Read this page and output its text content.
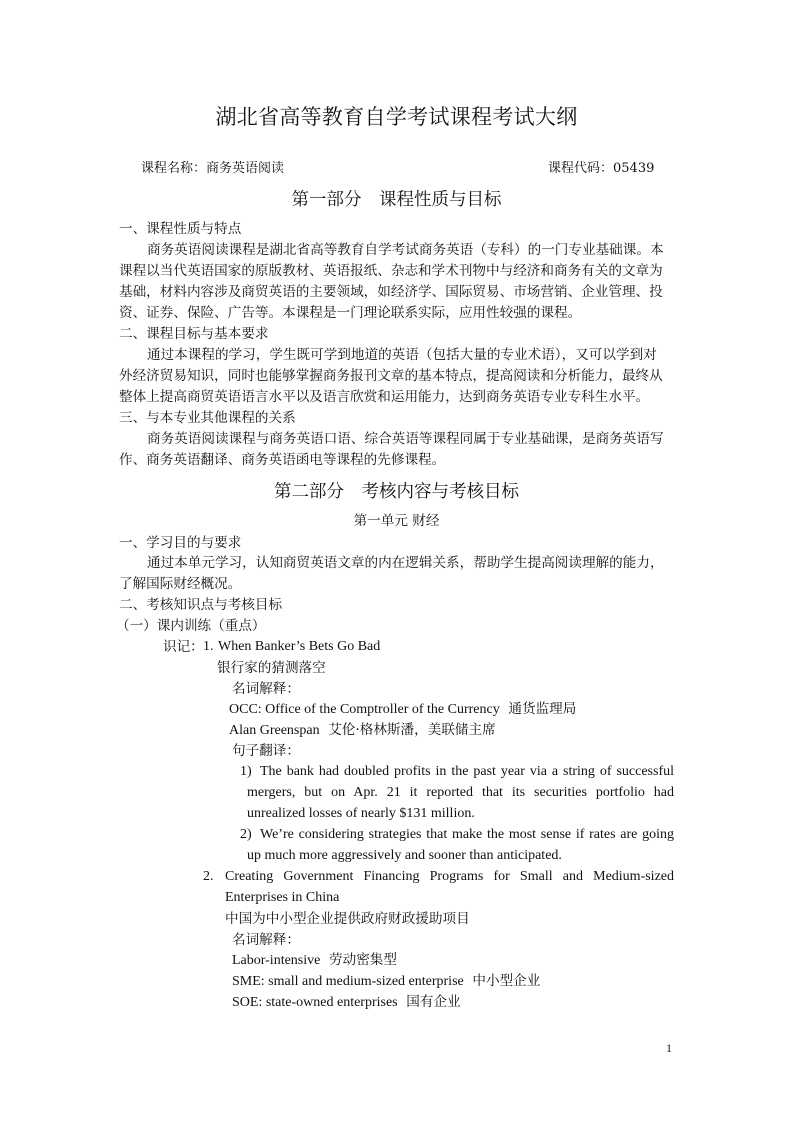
湖北省高等教育自学考试课程考试大纲
课程名称：商务英语阅读	课程代码：05439
第一部分　课程性质与目标
一、课程性质与特点
商务英语阅读课程是湖北省高等教育自学考试商务英语（专科）的一门专业基础课。本
课程以当代英语国家的原版教材、英语报纸、杂志和学术刊物中与经济和商务有关的文章为
基础，材料内容涉及商贸英语的主要领域，如经济学、国际贸易、市场营销、企业管理、投
资、证券、保险、广告等。本课程是一门理论联系实际，应用性较强的课程。
二、课程目标与基本要求
通过本课程的学习，学生既可学到地道的英语（包括大量的专业术语），又可以学到对
外经济贸易知识，同时也能够掌握商务报刊文章的基本特点，提高阅读和分析能力，最终从
整体上提高商贸英语语言水平以及语言欣赏和运用能力，达到商务英语专业专科生水平。
三、与本专业其他课程的关系
商务英语阅读课程与商务英语口语、综合英语等课程同属于专业基础课，是商务英语写
作、商务英语翻译、商务英语函电等课程的先修课程。
第二部分　考核内容与考核目标
第一单元 财经
一、学习目的与要求
通过本单元学习，认知商贸英语文章的内在逻辑关系，帮助学生提高阅读理解的能力，
了解国际财经概况。
二、考核知识点与考核目标
（一）课内训练（重点）
识记： 1. When Banker’s Bets Go Bad
银行家的猜测落空
名词解释：
OCC: Office of the Comptroller of the Currency 通货监理局
Alan Greenspan 艾伦·格林斯潘，美联储主席
句子翻译：
1) The bank had doubled profits in the past year via a string of successful
mergers, but on Apr. 21 it reported that its securities portfolio had
unrealized losses of nearly $131 million.
2) We’re considering strategies that make the most sense if rates are going
up much more aggressively and sooner than anticipated.
2. Creating Government Financing Programs for Small and Medium-sized
Enterprises in China
中国为中小型企业提供政府财政援助项目
名词解释：
Labor-intensive 劳动密集型
SME: small and medium-sized enterprise 中小型企业
SOE: state-owned enterprises 国有企业
1
